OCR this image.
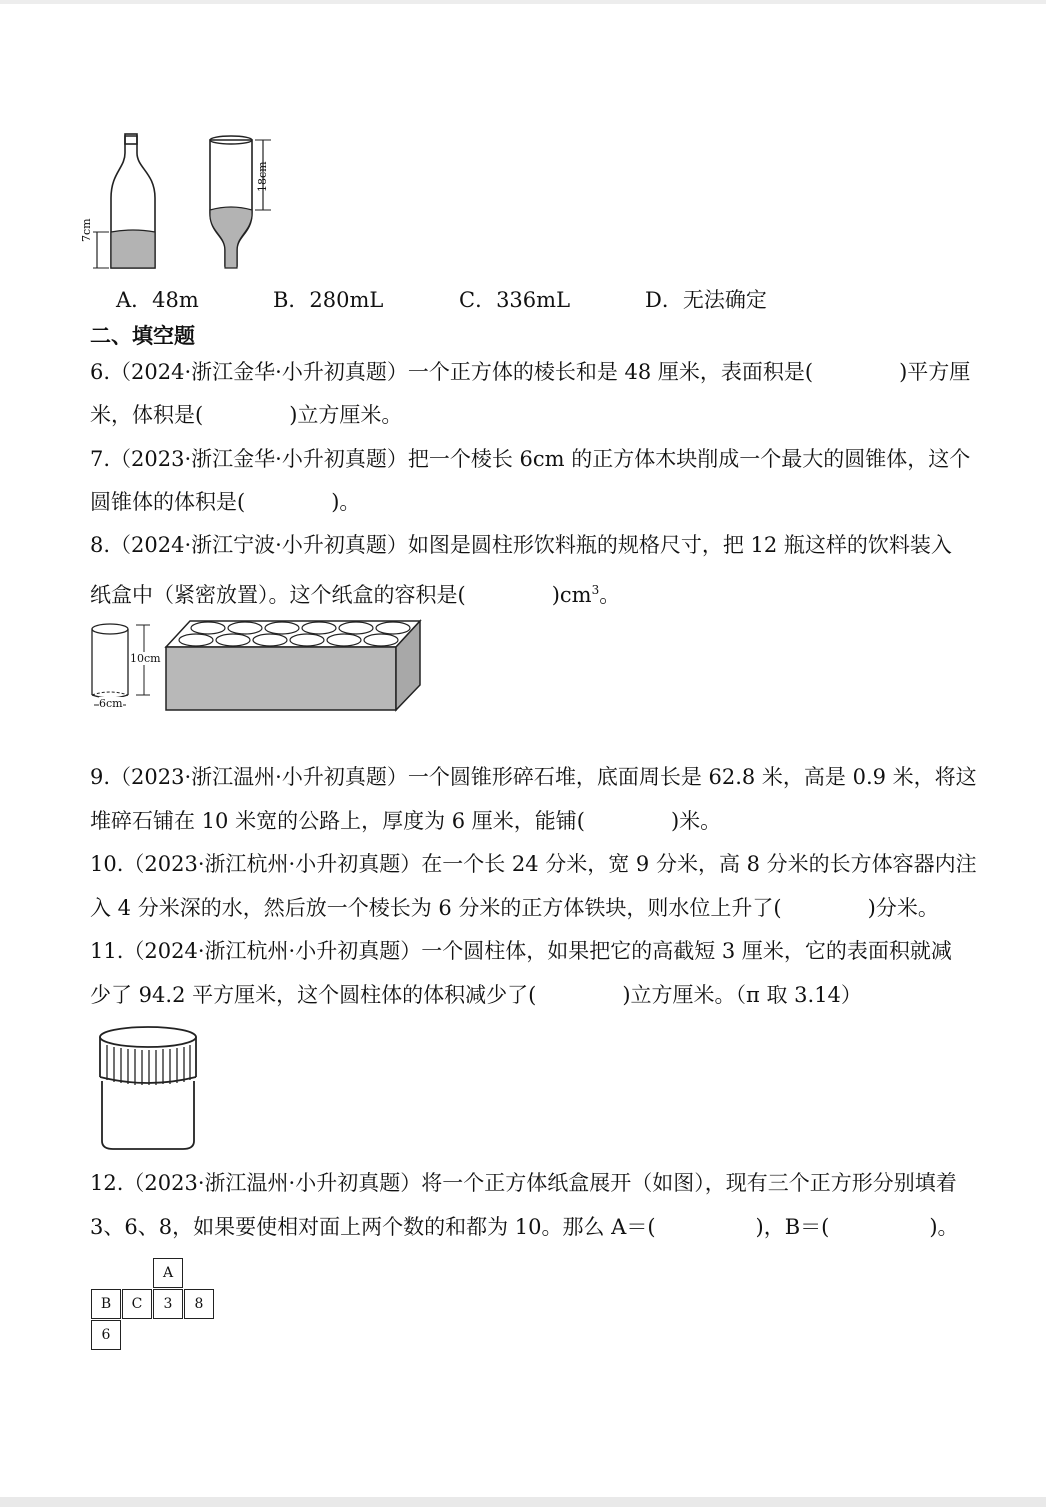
7cm
18cm
A．48m	B．280mL	C．336mL	D．无法确定
二、填空题
6.（2024·浙江金华·小升初真题）一个正方体的棱长和是 48 厘米，表面积是(	)平方厘
米，体积是(	)立方厘米。
7.（2023·浙江金华·小升初真题）把一个棱长 6cm 的正方体木块削成一个最大的圆锥体，这个
圆锥体的体积是(	)。
8.（2024·浙江宁波·小升初真题）如图是圆柱形饮料瓶的规格尺寸，把 12 瓶这样的饮料装入
纸盒中（紧密放置）。这个纸盒的容积是(	)$cm^3$。
10cm
6cm
9.（2023·浙江温州·小升初真题）一个圆锥形碎石堆，底面周长是 62.8 米，高是 0.9 米，将这
堆碎石铺在 10 米宽的公路上，厚度为 6 厘米，能铺(	)米。
10.（2023·浙江杭州·小升初真题）在一个长 24 分米，宽 9 分米，高 8 分米的长方体容器内注
入 4 分米深的水，然后放一个棱长为 6 分米的正方体铁块，则水位上升了(	)分米。
11.（2024·浙江杭州·小升初真题）一个圆柱体，如果把它的高截短 3 厘米，它的表面积就减
少了 94.2 平方厘米，这个圆柱体的体积减少了(	)立方厘米。（π 取 3.14）
12.（2023·浙江温州·小升初真题）将一个正方体纸盒展开（如图），现有三个正方形分别填着
3、6、8，如果要使相对面上两个数的和都为 10。那么 A＝(	)，B＝(	)。
A
B	C	3	8
6
